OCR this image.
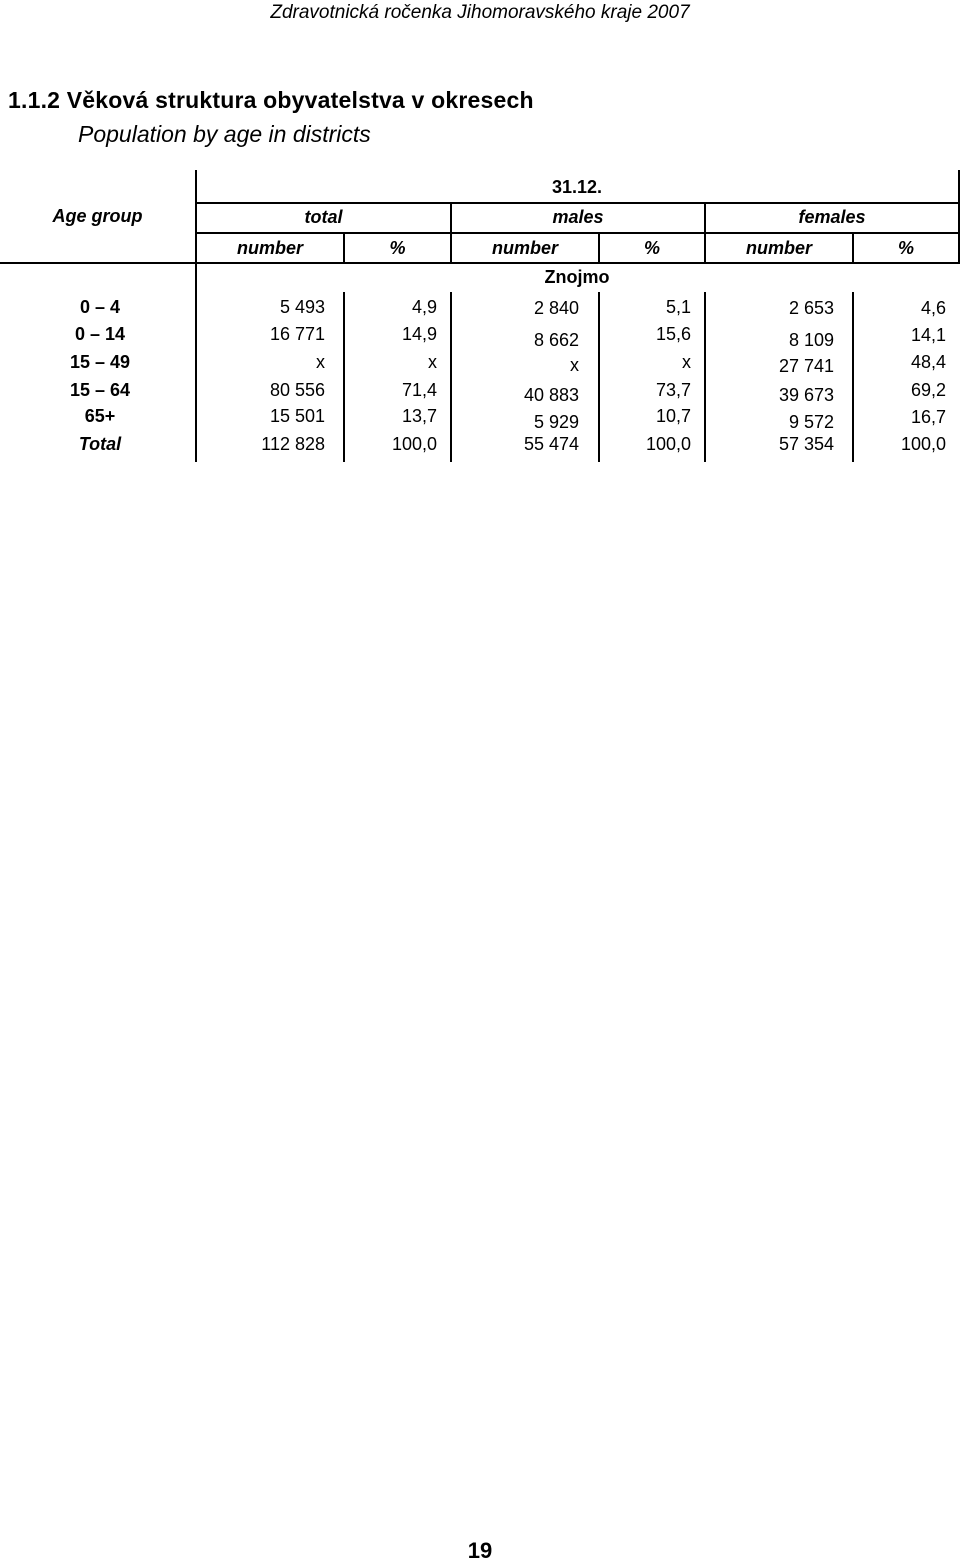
Zdravotnická ročenka Jihomoravského kraje 2007
1.1.2 Věková struktura obyvatelstva v okresech
Population by age in districts
31.12.
Age group	total	males	females
number	%	number	%	number	%
Znojmo
0 – 4	5 493	4,9	2 840	5,1	2 653	4,6
0 – 14	16 771	14,9	8 662	15,6	8 109	14,1
15 – 49	x	x	x	x	27 741	48,4
15 – 64	80 556	71,4	40 883	73,7	39 673	69,2
65+	15 501	13,7	5 929	10,7	9 572	16,7
Total	112 828	100,0	55 474	100,0	57 354	100,0
19
